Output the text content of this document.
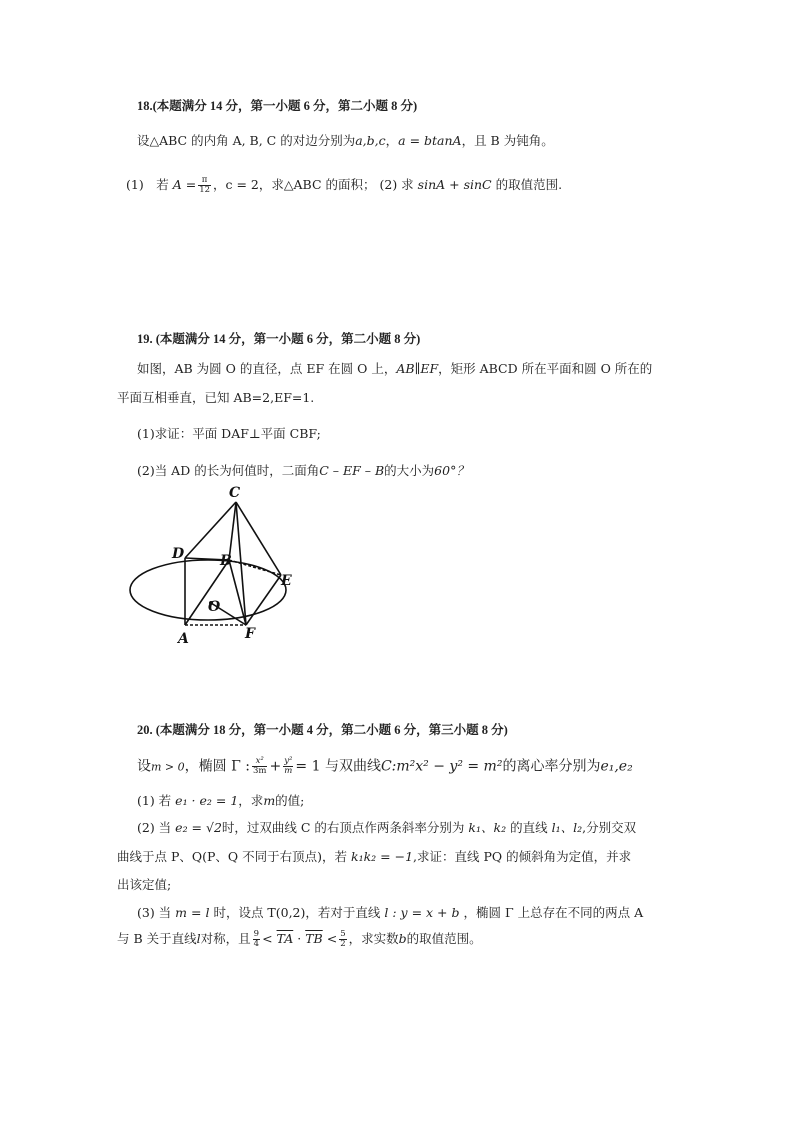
18.(本题满分 14 分，第一小题 6 分，第二小题 8 分)
设△ABC 的内角 A, B, C 的对边分别为a,b,c，a = btanA，且 B 为钝角。
(1)　若 $A = \frac{\pi}{12}$ ，c = 2，求△ABC 的面积； (2) 求 sinA + sinC 的取值范围.
19. (本题满分 14 分，第一小题 6 分，第二小题 8 分)
如图，AB 为圆 O 的直径，点 EF 在圆 O 上，AB∥EF，矩形 ABCD 所在平面和圆 O 所在的
平面互相垂直，已知 AB=2,EF=1.
(1)求证：平面 DAF⊥平面 CBF;
(2)当 AD 的长为何值时，二面角C – EF – B的大小为60°？
C
D	B
E
O
A	F
20. (本题满分 18 分，第一小题 4 分，第二小题 6 分，第三小题 8 分)
设m > 0，椭圆 Γ : $\frac{\text{x²}}{3m} + \frac{\text{y²}}{m} = 1$ 与双曲线C:m²x² − y² = m²的离心率分别为e₁,e₂
(1) 若 e₁ · e₂ = 1，求m的值;
(2) 当 e₂ = √2时，过双曲线 C 的右顶点作两条斜率分别为 k₁、k₂ 的直线 l₁、l₂,分别交双
曲线于点 P、Q(P、Q 不同于右顶点)，若 k₁k₂ = −1,求证：直线 PQ 的倾斜角为定值，并求
出该定值;
(3) 当 m = l 时，设点 T(0,2)，若对于直线 l : y = x + b ，椭圆 Γ 上总存在不同的两点 A
与 B 关于直线l对称，且 $\frac{9}{4} < \overline{TA} \cdot \overline{TB} < \frac{5}{2}$ ，求实数b的取值范围。
